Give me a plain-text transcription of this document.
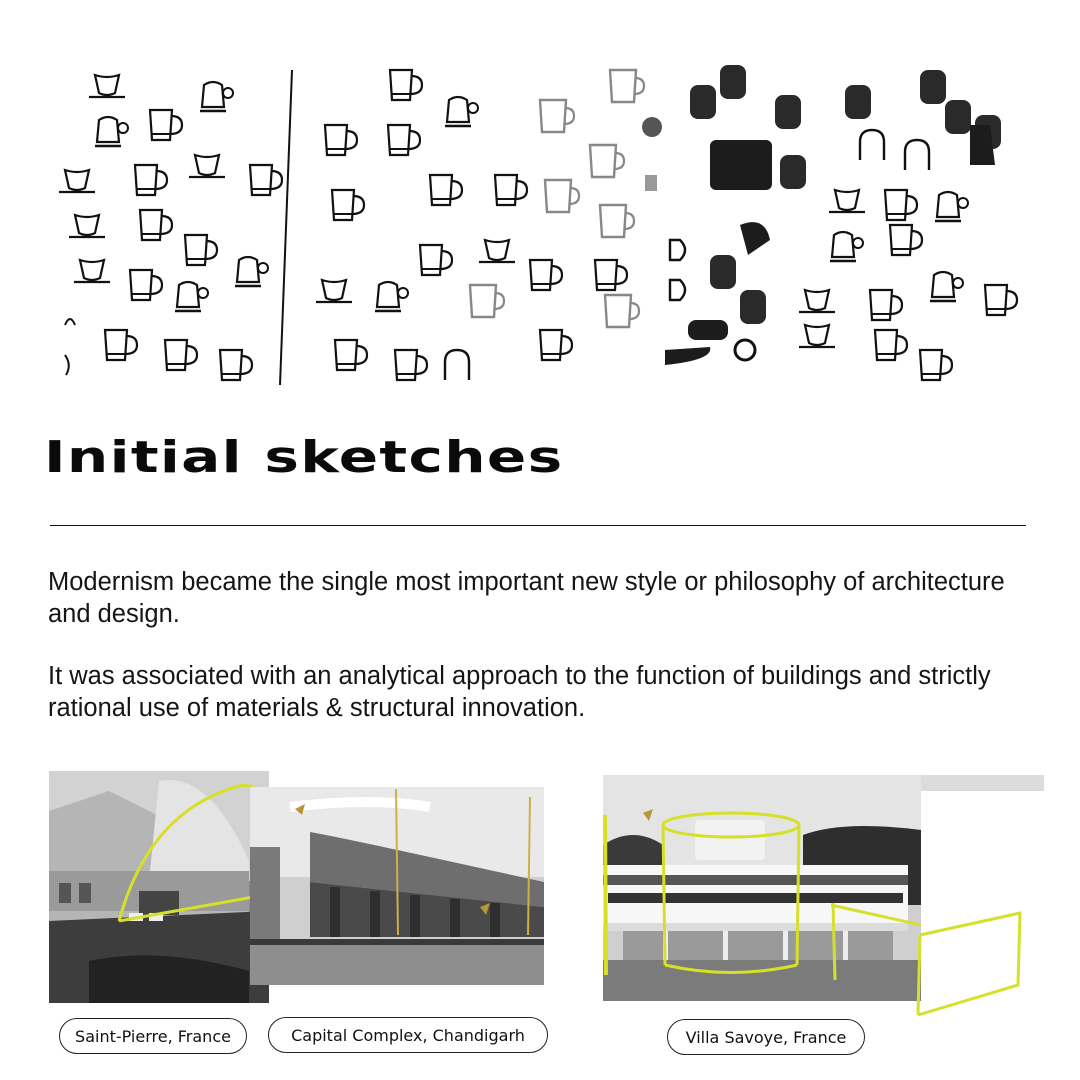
Initial sketches

Modernism became the single most important new style or philosophy of architecture and design.

It was associated with an analytical approach to the function of buildings and strictly rational use of materials & structural innovation.

Saint-Pierre, France	Capital Complex, Chandigarh	Villa Savoye, France
